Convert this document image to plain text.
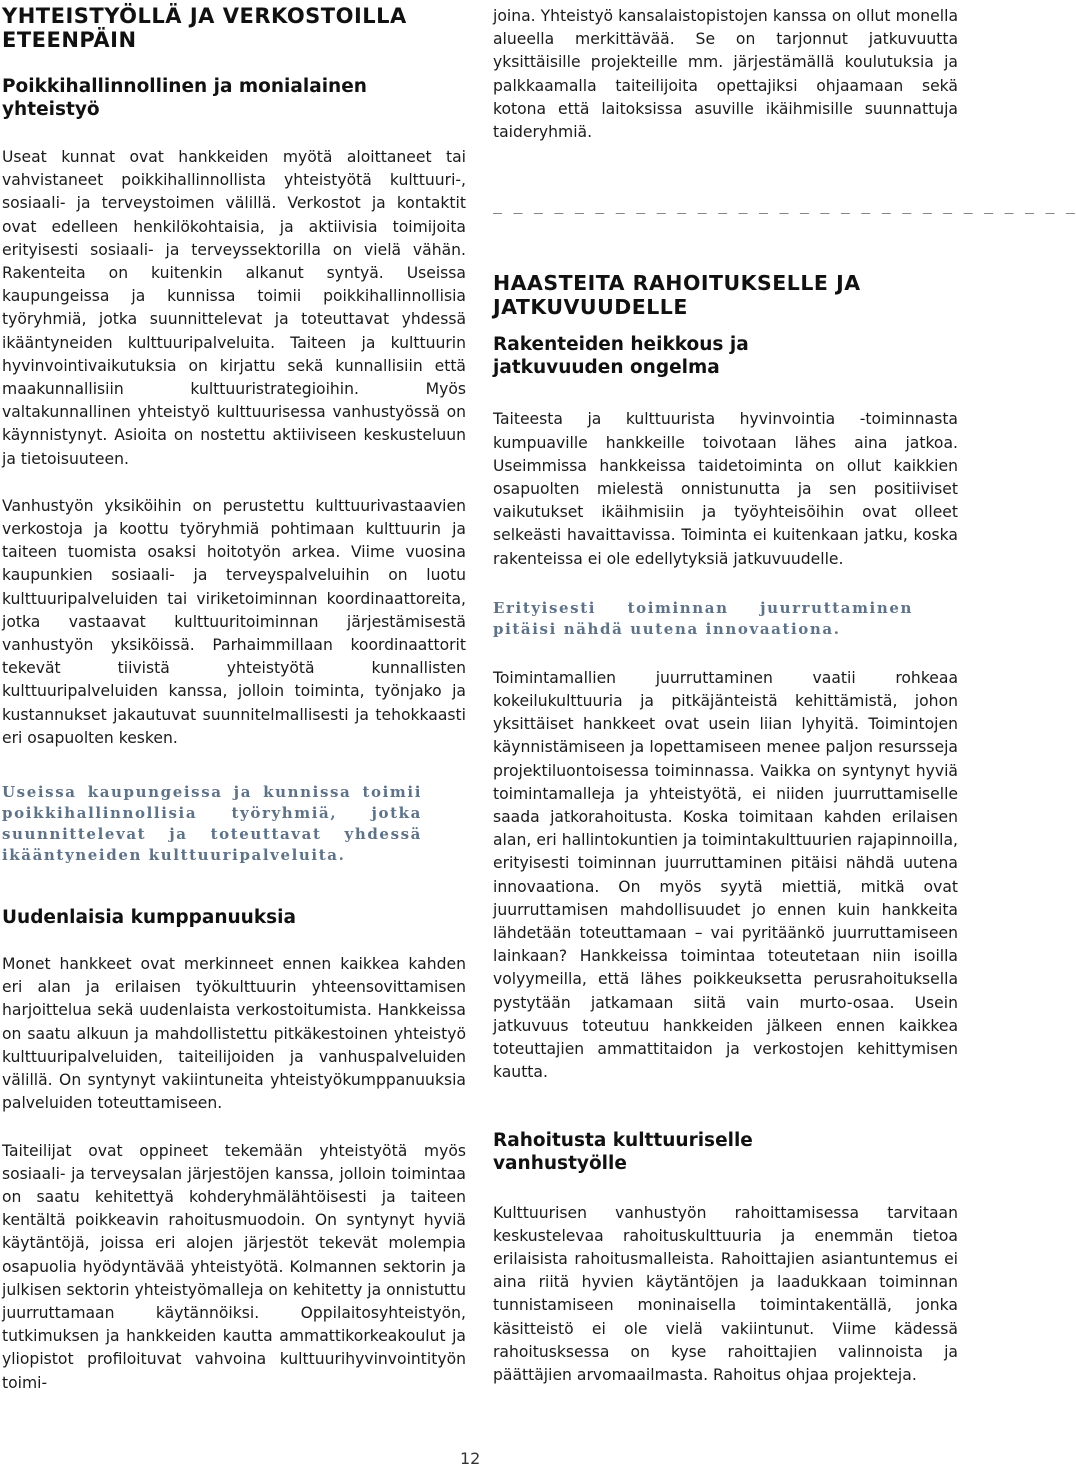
YHTEISTYÖLLÄ JA VERKOSTOILLA ETEENPÄIN
Poikkihallinnollinen ja monialainen yhteistyö

Useat kunnat ovat hankkeiden myötä aloittaneet tai vahvistaneet poikkihallinnollista yhteistyötä kulttuuri-, sosiaali- ja terveystoimen välillä. Verkostot ja kontaktit ovat edelleen henkilökohtaisia, ja aktiivisia toimijoita erityisesti sosiaali- ja terveyssektorilla on vielä vähän. Rakenteita on kuitenkin alkanut syntyä. Useissa kaupungeissa ja kunnissa toimii poikkihallinnollisia työryhmiä, jotka suunnittelevat ja toteuttavat yhdessä ikääntyneiden kulttuuripalveluita. Taiteen ja kulttuurin hyvinvointivaikutuksia on kirjattu sekä kunnallisiin että maakunnallisiin kulttuuristrategioihin. Myös valtakunnallinen yhteistyö kulttuurisessa vanhustyössä on käynnistynyt. Asioita on nostettu aktiiviseen keskusteluun ja tietoisuuteen.

Vanhustyön yksiköihin on perustettu kulttuurivastaavien verkostoja ja koottu työryhmiä pohtimaan kulttuurin ja taiteen tuomista osaksi hoitotyön arkea. Viime vuosina kaupunkien sosiaali- ja terveyspalveluihin on luotu kulttuuripalveluiden tai viriketoiminnan koordinaattoreita, jotka vastaavat kulttuuritoiminnan järjestämisestä vanhustyön yksiköissä. Parhaimmillaan koordinaattorit tekevät tiivistä yhteistyötä kunnallisten kulttuuripalveluiden kanssa, jolloin toiminta, työnjako ja kustannukset jakautuvat suunnitelmallisesti ja tehokkaasti eri osapuolten kesken.

Useissa kaupungeissa ja kunnissa toimii poikkihallinnollisia työryhmiä, jotka suunnittelevat ja toteuttavat yhdessä ikääntyneiden kulttuuripalveluita.

Uudenlaisia kumppanuuksia

Monet hankkeet ovat merkinneet ennen kaikkea kahden eri alan ja erilaisen työkulttuurin yhteensovittamisen harjoittelua sekä uudenlaista verkostoitumista. Hankkeissa on saatu alkuun ja mahdollistettu pitkäkestoinen yhteistyö kulttuuripalveluiden, taiteilijoiden ja vanhuspalveluiden välillä. On syntynyt vakiintuneita yhteistyökumppanuuksia palveluiden toteuttamiseen.

Taiteilijat ovat oppineet tekemään yhteistyötä myös sosiaali- ja terveysalan järjestöjen kanssa, jolloin toimintaa on saatu kehitettyä kohderyhmälähtöisesti ja taiteen kentältä poikkeavin rahoitusmuodoin. On syntynyt hyviä käytäntöjä, joissa eri alojen järjestöt tekevät molempia osapuolia hyödyntävää yhteistyötä. Kolmannen sektorin ja julkisen sektorin yhteistyömalleja on kehitetty ja onnistuttu juurruttamaan käytännöiksi. Oppilaitosyhteistyön, tutkimuksen ja hankkeiden kautta ammattikorkeakoulut ja yliopistot profiloituvat vahvoina kulttuurihyvinvointityön toimi-

joina. Yhteistyö kansalaistopistojen kanssa on ollut monella alueella merkittävää. Se on tarjonnut jatkuvuutta yksittäisille projekteille mm. järjestämällä koulutuksia ja palkkaamalla taiteilijoita opettajiksi ohjaamaan sekä kotona että laitoksissa asuville ikäihmisille suunnattuja taideryhmiä.

_ _ _ _ _ _ _ _ _ _ _ _ _ _ _ _ _ _ _ _ _ _ _ _ _ _ _ _ _

HAASTEITA RAHOITUKSELLE JA JATKUVUUDELLE
Rakenteiden heikkous ja jatkuvuuden ongelma

Taiteesta ja kulttuurista hyvinvointia -toiminnasta kumpuaville hankkeille toivotaan lähes aina jatkoa. Useimmissa hankkeissa taidetoiminta on ollut kaikkien osapuolten mielestä onnistunutta ja sen positiiviset vaikutukset ikäihmisiin ja työyhteisöihin ovat olleet selkeästi havaittavissa. Toiminta ei kuitenkaan jatku, koska rakenteissa ei ole edellytyksiä jatkuvuudelle.

Erityisesti toiminnan juurruttaminen pitäisi nähdä uutena innovaationa.

Toimintamallien juurruttaminen vaatii rohkeaa kokeilukulttuuria ja pitkäjänteistä kehittämistä, johon yksittäiset hankkeet ovat usein liian lyhyitä. Toimintojen käynnistämiseen ja lopettamiseen menee paljon resursseja projektiluontoisessa toiminnassa. Vaikka on syntynyt hyviä toimintamalleja ja yhteistyötä, ei niiden juurruttamiselle saada jatkorahoitusta. Koska toimitaan kahden erilaisen alan, eri hallintokuntien ja toimintakulttuurien rajapinnoilla, erityisesti toiminnan juurruttaminen pitäisi nähdä uutena innovaationa. On myös syytä miettiä, mitkä ovat juurruttamisen mahdollisuudet jo ennen kuin hankkeita lähdetään toteuttamaan – vai pyritäänkö juurruttamiseen lainkaan? Hankkeissa toimintaa toteutetaan niin isoilla volyymeilla, että lähes poikkeuksetta perusrahoituksella pystytään jatkamaan siitä vain murto-osaa. Usein jatkuvuus toteutuu hankkeiden jälkeen ennen kaikkea toteuttajien ammattitaidon ja verkostojen kehittymisen kautta.

Rahoitusta kulttuuriselle vanhustyölle

Kulttuurisen vanhustyön rahoittamisessa tarvitaan keskustelevaa rahoituskulttuuria ja enemmän tietoa erilaisista rahoitusmalleista. Rahoittajien asiantuntemus ei aina riitä hyvien käytäntöjen ja laadukkaan toiminnan tunnistamiseen moninaisella toimintakentällä, jonka käsitteistö ei ole vielä vakiintunut. Viime kädessä rahoitusksessa on kyse rahoittajien valinnoista ja päättäjien arvomaailmasta. Rahoitus ohjaa projekteja.

12
